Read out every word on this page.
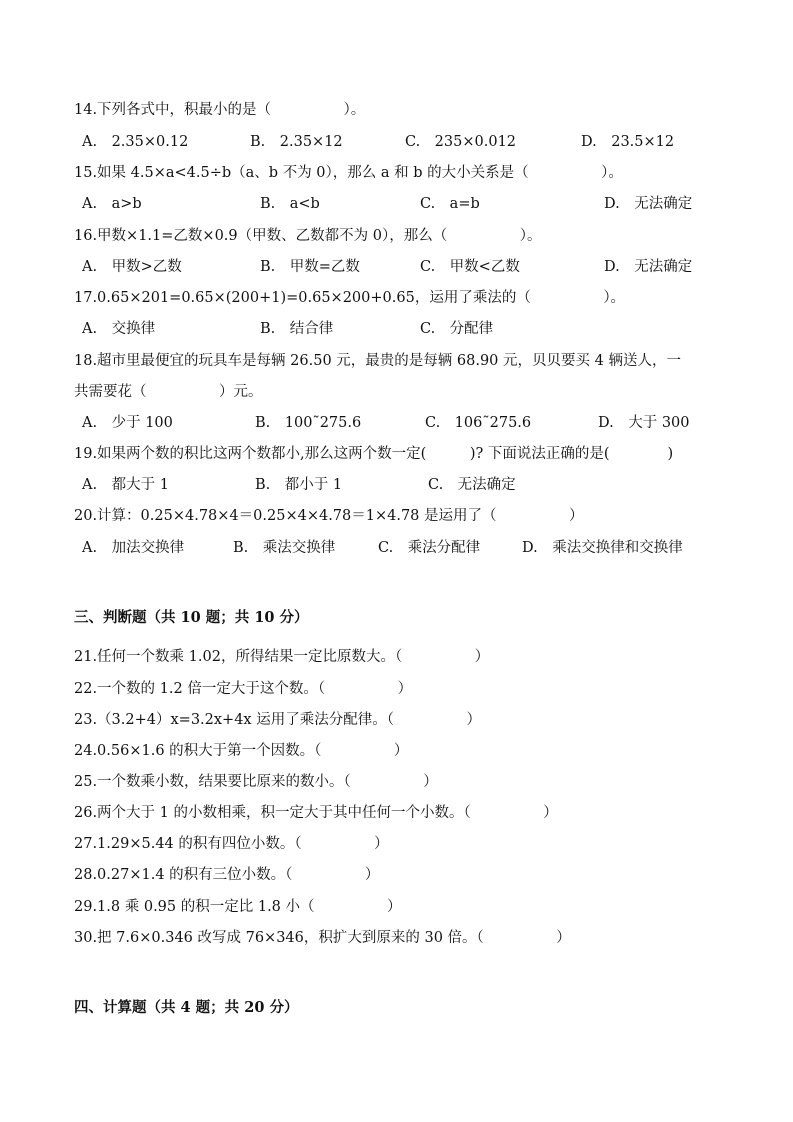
14.下列各式中，积最小的是（　　　　　）。
A.　2.35×0.12	B.　2.35×12	C.　235×0.012	D.　23.5×12
15.如果 4.5×a<4.5÷b（a、b 不为 0），那么 a 和 b 的大小关系是（　　　　　）。
A.　a>b	B.　a<b	C.　a=b	D.　无法确定
16.甲数×1.1=乙数×0.9（甲数、乙数都不为 0），那么（　　　　　）。
A.　甲数>乙数	B.　甲数=乙数	C.　甲数<乙数	D.　无法确定
17.0.65×201=0.65×(200+1)=0.65×200+0.65，运用了乘法的（　　　　　）。
A.　交换律	B.　结合律	C.　分配律
18.超市里最便宜的玩具车是每辆 26.50 元，最贵的是每辆 68.90 元，贝贝要买 4 辆送人，一
共需要花（　　　　　）元。
A.　少于 100	B.　100˜275.6	C.　106˜275.6	D.　大于 300
19.如果两个数的积比这两个数都小,那么这两个数一定(　　　)? 下面说法正确的是(　　　　)
A.　都大于 1	B.　都小于 1	C.　无法确定
20.计算：0.25×4.78×4＝0.25×4×4.78＝1×4.78 是运用了（　　　　　）
A.　加法交换律	B.　乘法交换律	C.　乘法分配律	D.　乘法交换律和交换律
三、判断题（共 10 题；共 10 分）
21.任何一个数乘 1.02，所得结果一定比原数大。（　　　　　）
22.一个数的 1.2 倍一定大于这个数。（　　　　　）
23.（3.2+4）x=3.2x+4x 运用了乘法分配律。（　　　　　）
24.0.56×1.6 的积大于第一个因数。（　　　　　）
25.一个数乘小数，结果要比原来的数小。（　　　　　）
26.两个大于 1 的小数相乘，积一定大于其中任何一个小数。（　　　　　）
27.1.29×5.44 的积有四位小数。（　　　　　）
28.0.27×1.4 的积有三位小数。（　　　　　）
29.1.8 乘 0.95 的积一定比 1.8 小（　　　　　）
30.把 7.6×0.346 改写成 76×346，积扩大到原来的 30 倍。（　　　　　）
四、计算题（共 4 题；共 20 分）
